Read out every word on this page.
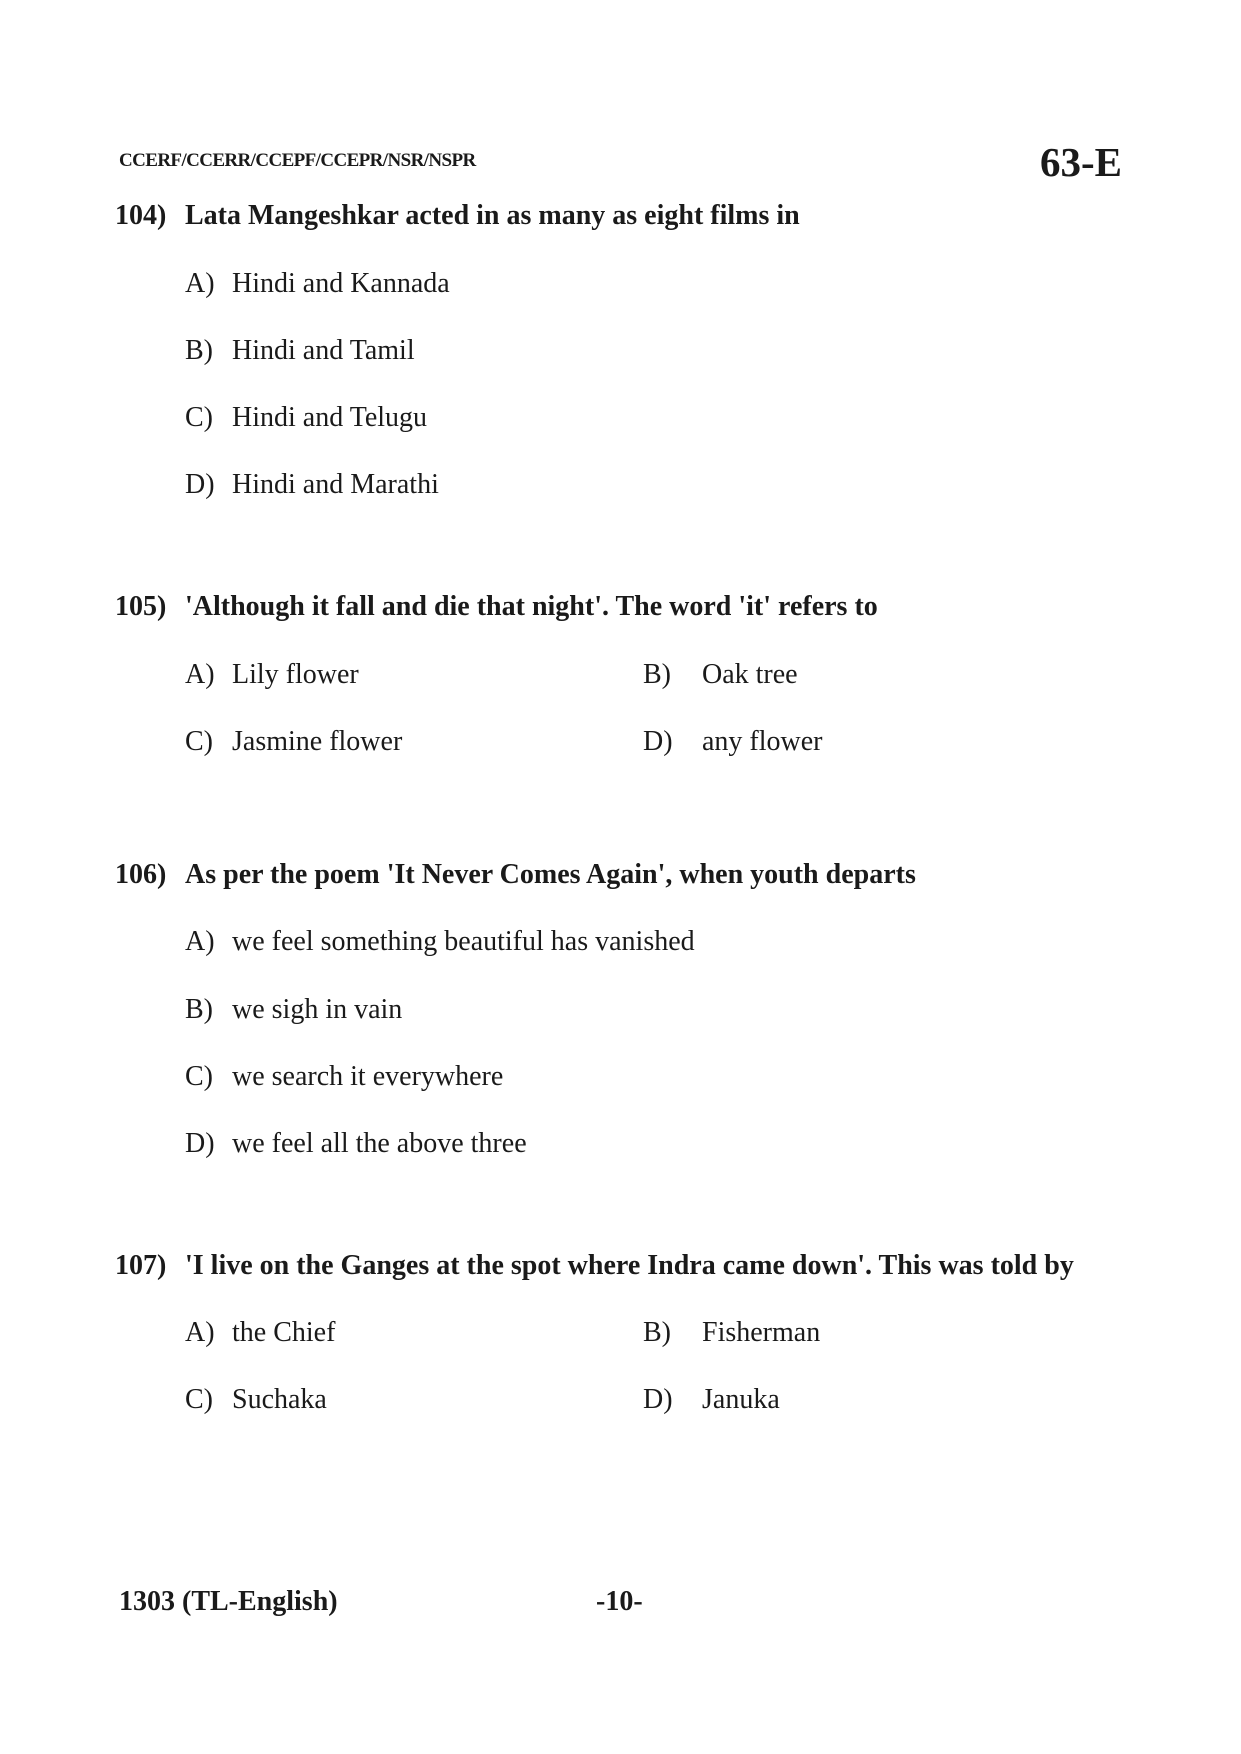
CCERF/CCERR/CCEPF/CCEPR/NSR/NSPR	63-E
104) Lata Mangeshkar acted in as many as eight films in
A) Hindi and Kannada
B) Hindi and Tamil
C) Hindi and Telugu
D) Hindi and Marathi
105) 'Although it fall and die that night'. The word 'it' refers to
A) Lily flower	B) Oak tree
C) Jasmine flower	D) any flower
106) As per the poem 'It Never Comes Again', when youth departs
A) we feel something beautiful has vanished
B) we sigh in vain
C) we search it everywhere
D) we feel all the above three
107) 'I live on the Ganges at the spot where Indra came down'. This was told by
A) the Chief	B) Fisherman
C) Suchaka	D) Januka
1303 (TL-English)	-10-
